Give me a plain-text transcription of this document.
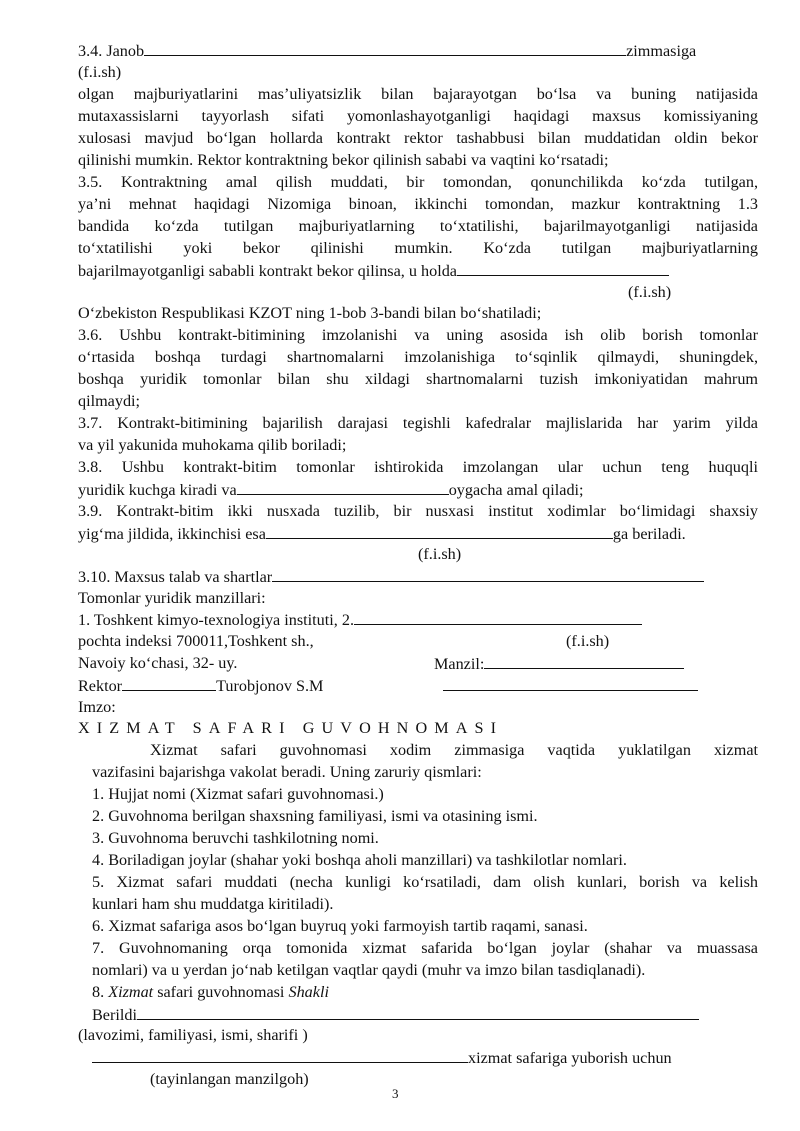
3.4. Janob	zimmasiga
(f.i.sh)
olgan majburiyatlarini mas’uliyatsizlik bilan bajarayotgan bo‘lsa va buning natijasida
mutaxassislarni tayyorlash sifati yomonlashayotganligi haqidagi maxsus komissiyaning
xulosasi mavjud bo‘lgan hollarda kontrakt rektor tashabbusi bilan muddatidan oldin bekor
qilinishi mumkin. Rektor kontraktning bekor qilinish sababi va vaqtini ko‘rsatadi;
3.5. Kontraktning amal qilish muddati, bir tomondan, qonunchilikda ko‘zda tutilgan,
ya’ni mehnat haqidagi Nizomiga binoan, ikkinchi tomondan, mazkur kontraktning 1.3
bandida ko‘zda tutilgan majburiyatlarning to‘xtatilishi, bajarilmayotganligi natijasida
to‘xtatilishi yoki bekor qilinishi mumkin. Ko‘zda tutilgan majburiyatlarning
bajarilmayotganligi sababli kontrakt bekor qilinsa, u holda
(f.i.sh)
O‘zbekiston Respublikasi KZOT ning 1-bob 3-bandi bilan bo‘shatiladi;
3.6. Ushbu kontrakt-bitimining imzolanishi va uning asosida ish olib borish tomonlar
o‘rtasida boshqa turdagi shartnomalarni imzolanishiga to‘sqinlik qilmaydi, shuningdek,
boshqa yuridik tomonlar bilan shu xildagi shartnomalarni tuzish imkoniyatidan mahrum
qilmaydi;
3.7. Kontrakt-bitimining bajarilish darajasi tegishli kafedralar majlislarida har yarim yilda
va yil yakunida muhokama qilib boriladi;
3.8. Ushbu kontrakt-bitim tomonlar ishtirokida imzolangan ular uchun teng huquqli
yuridik kuchga kiradi va	oygacha amal qiladi;
3.9. Kontrakt-bitim ikki nusxada tuzilib, bir nusxasi institut xodimlar bo‘limidagi shaxsiy
yig‘ma jildida, ikkinchisi esa	ga beriladi.
(f.i.sh)
3.10. Maxsus talab va shartlar
Tomonlar yuridik manzillari:
1. Toshkent kimyo-texnologiya instituti, 2.
pochta indeksi 700011,Toshkent sh.,	(f.i.sh)
Navoiy ko‘chasi, 32- uy.	Manzil:
Rektor	Turobjonov S.M
Imzo:
XIZMAT SAFARI GUVOHNOMASI
Xizmat safari guvohnomasi xodim zimmasiga vaqtida yuklatilgan xizmat
vazifasini bajarishga vakolat beradi. Uning zaruriy qismlari:
1. Hujjat nomi (Xizmat safari guvohnomasi.)
2. Guvohnoma berilgan shaxsning familiyasi, ismi va otasining ismi.
3. Guvohnoma beruvchi tashkilotning nomi.
4. Boriladigan joylar (shahar yoki boshqa aholi manzillari) va tashkilotlar nomlari.
5. Xizmat safari muddati (necha kunligi ko‘rsatiladi, dam olish kunlari, borish va kelish
kunlari ham shu muddatga kiritiladi).
6. Xizmat safariga asos bo‘lgan buyruq yoki farmoyish tartib raqami, sanasi.
7. Guvohnomaning orqa tomonida xizmat safarida bo‘lgan joylar (shahar va muassasa
nomlari) va u yerdan jo‘nab ketilgan vaqtlar qaydi (muhr va imzo bilan tasdiqlanadi).
8. Xizmat safari guvohnomasi Shakli
Berildi
(lavozimi, familiyasi, ismi, sharifi )
xizmat safariga yuborish uchun
(tayinlangan manzilgoh)
3
